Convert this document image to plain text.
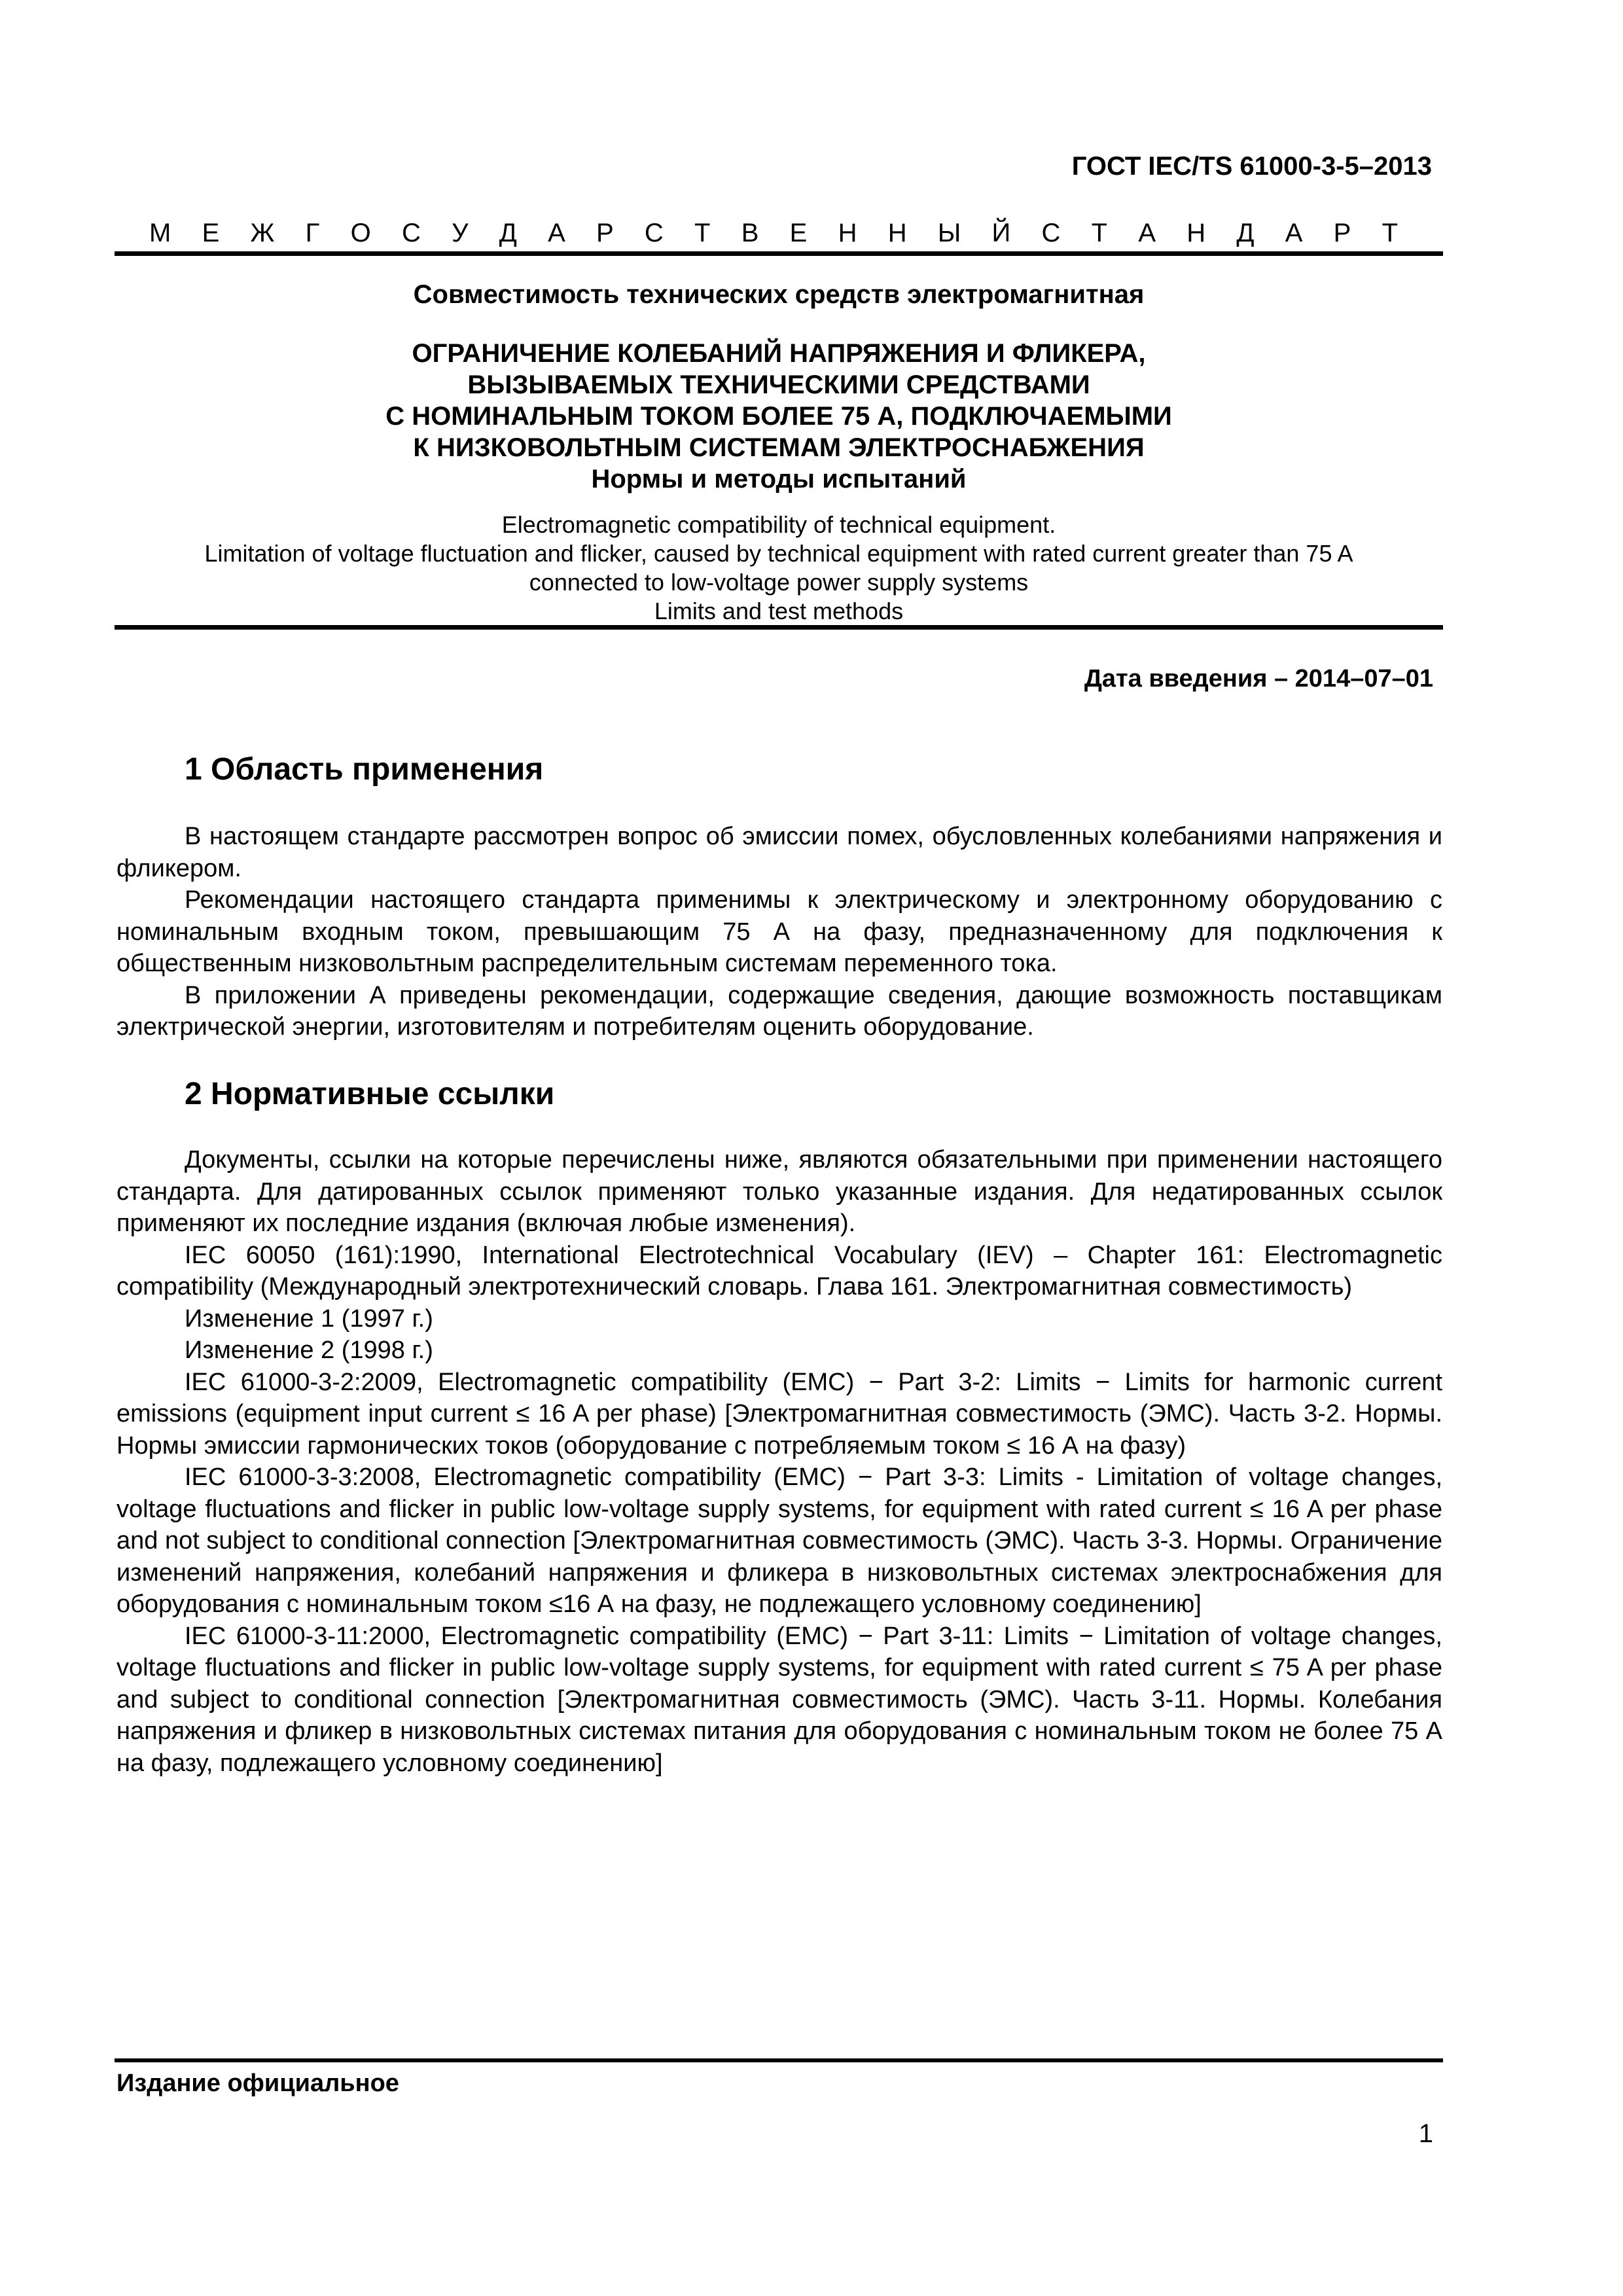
ГОСТ IEC/TS 61000-3-5–2013
М Е Ж Г О С У Д А Р С Т В Е Н Н Ы Й С Т А Н Д А Р Т
Совместимость технических средств электромагнитная
ОГРАНИЧЕНИЕ КОЛЕБАНИЙ НАПРЯЖЕНИЯ И ФЛИКЕРА,
ВЫЗЫВАЕМЫХ ТЕХНИЧЕСКИМИ СРЕДСТВАМИ
С НОМИНАЛЬНЫМ ТОКОМ БОЛЕЕ 75 А, ПОДКЛЮЧАЕМЫМИ
К НИЗКОВОЛЬТНЫМ СИСТЕМАМ ЭЛЕКТРОСНАБЖЕНИЯ
Нормы и методы испытаний
Electromagnetic compatibility of technical equipment.
Limitation of voltage fluctuation and flicker, caused by technical equipment with rated current greater than 75 A
connected to low-voltage power supply systems
Limits and test methods
Дата введения – 2014–07–01
1 Область применения

В настоящем стандарте рассмотрен вопрос об эмиссии помех, обусловленных колебаниями напряжения и фликером.

Рекомендации настоящего стандарта применимы к электрическому и электронному оборудованию с номинальным входным током, превышающим 75 А на фазу, предназначенному для подключения к общественным низковольтным распределительным системам переменного тока.

В приложении А приведены рекомендации, содержащие сведения, дающие возможность поставщикам электрической энергии, изготовителям и потребителям оценить оборудование.

2 Нормативные ссылки

Документы, ссылки на которые перечислены ниже, являются обязательными при применении настоящего стандарта. Для датированных ссылок применяют только указанные издания. Для недатированных ссылок применяют их последние издания (включая любые изменения).

IEC 60050 (161):1990, International Electrotechnical Vocabulary (IEV) – Chapter 161: Electromagnetic compatibility (Международный электротехнический словарь. Глава 161. Электромагнитная совместимость)

Изменение 1 (1997 г.)

Изменение 2 (1998 г.)

IEC 61000-3-2:2009, Electromagnetic compatibility (EMC) − Part 3-2: Limits − Limits for harmonic current emissions (equipment input current ≤ 16 A per phase) [Электромагнитная совместимость (ЭМС). Часть 3-2. Нормы. Нормы эмиссии гармонических токов (оборудование с потребляемым током ≤ 16 А на фазу)

IEC 61000-3-3:2008, Electromagnetic compatibility (EMC) − Part 3-3: Limits - Limitation of voltage changes, voltage fluctuations and flicker in public low-voltage supply systems, for equipment with rated current ≤ 16 A per phase and not subject to conditional connection [Электромагнитная совместимость (ЭМС). Часть 3-3. Нормы. Ограничение изменений напряжения, колебаний напряжения и фликера в низковольтных системах электроснабжения для оборудования с номинальным током ≤16 А на фазу, не подлежащего условному соединению]

IEC 61000-3-11:2000, Electromagnetic compatibility (EMC) − Part 3-11: Limits − Limitation of voltage changes, voltage fluctuations and flicker in public low-voltage supply systems, for equipment with rated current ≤ 75 A per phase and subject to conditional connection [Электромагнитная совместимость (ЭМС). Часть 3-11. Нормы. Колебания напряжения и фликер в низковольтных системах питания для оборудования с номинальным током не более 75 А на фазу, подлежащего условному соединению]

Издание официальное
1
